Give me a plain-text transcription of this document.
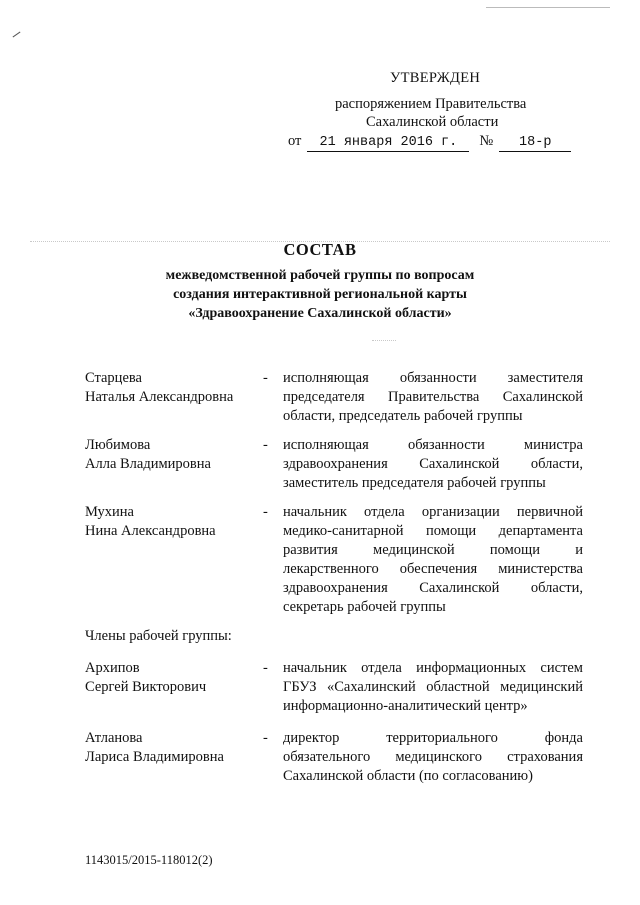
УТВЕРЖДЕН
распоряжением Правительства
Сахалинской области
от 21 января 2016 г. № 18-р
СОСТАВ
межведомственной рабочей группы по вопросам
создания интерактивной региональной карты
«Здравоохранение Сахалинской области»
Старцева
Наталья Александровна
- исполняющая обязанности заместителя председателя Правительства Сахалинской области, председатель рабочей группы
Любимова
Алла Владимировна
- исполняющая обязанности министра здравоохранения Сахалинской области, заместитель председателя рабочей группы
Мухина
Нина Александровна
- начальник отдела организации первичной медико-санитарной помощи департамента развития медицинской помощи и лекарственного обеспечения министерства здравоохранения Сахалинской области, секретарь рабочей группы
Члены рабочей группы:
Архипов
Сергей Викторович
- начальник отдела информационных систем ГБУЗ «Сахалинский областной медицинский информационно-аналитический центр»
Атланова
Лариса Владимировна
- директор территориального фонда обязательного медицинского страхования Сахалинской области (по согласованию)
1143015/2015-118012(2)
